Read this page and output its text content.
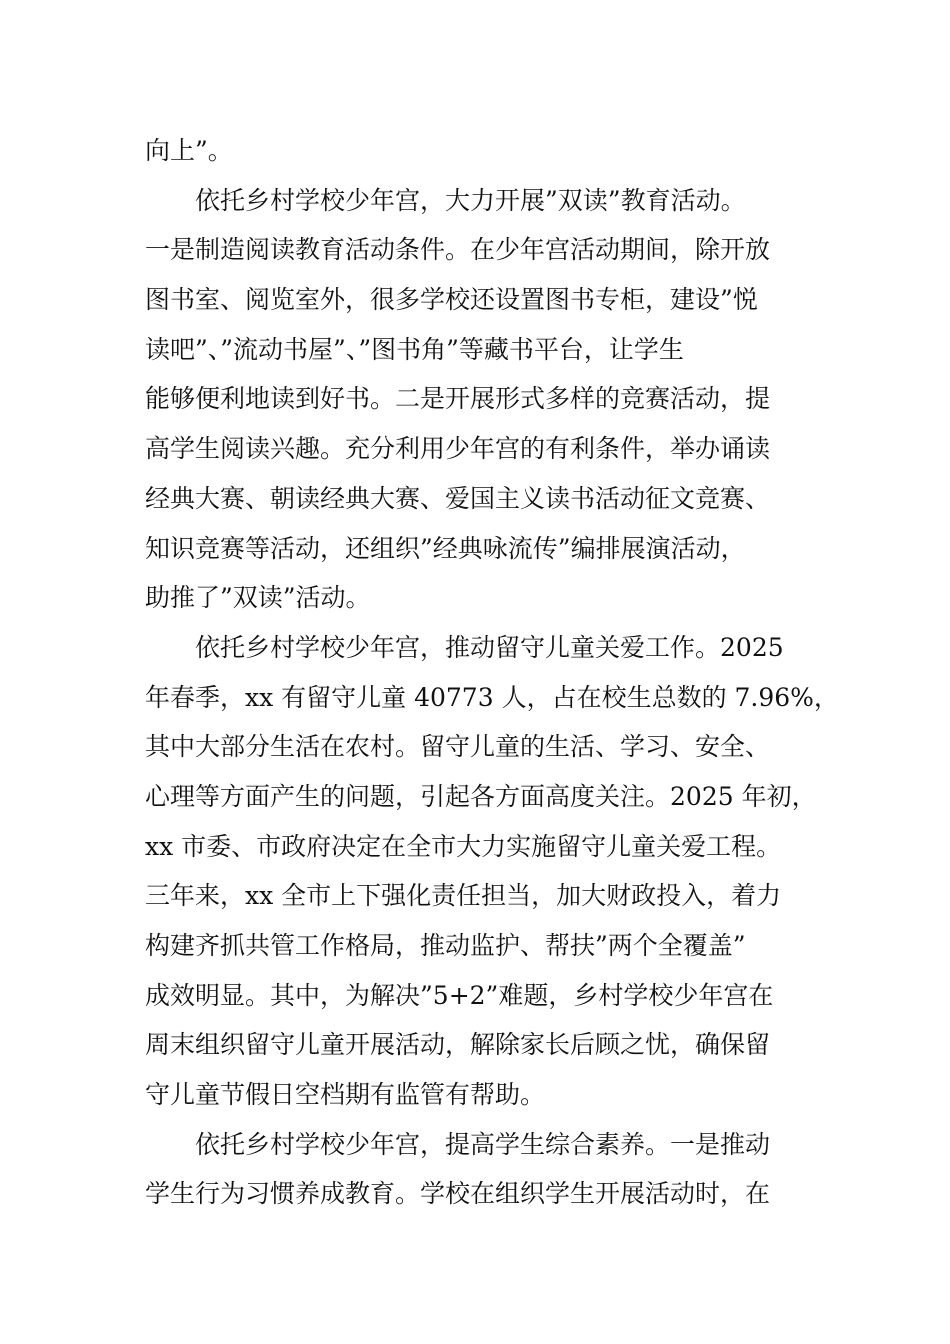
向上”。
依托乡村学校少年宫，大力开展”双读”教育活动。
一是制造阅读教育活动条件。在少年宫活动期间，除开放
图书室、阅览室外，很多学校还设置图书专柜，建设”悦
读吧”、”流动书屋”、”图书角”等藏书平台，让学生
能够便利地读到好书。二是开展形式多样的竞赛活动，提
高学生阅读兴趣。充分利用少年宫的有利条件，举办诵读
经典大赛、朝读经典大赛、爱国主义读书活动征文竞赛、
知识竞赛等活动，还组织”经典咏流传”编排展演活动，
助推了”双读”活动。
依托乡村学校少年宫，推动留守儿童关爱工作。2025
年春季，xx 有留守儿童 40773 人，占在校生总数的 7.96%，
其中大部分生活在农村。留守儿童的生活、学习、安全、
心理等方面产生的问题，引起各方面高度关注。2025 年初，
xx 市委、市政府决定在全市大力实施留守儿童关爱工程。
三年来，xx 全市上下强化责任担当，加大财政投入，着力
构建齐抓共管工作格局，推动监护、帮扶”两个全覆盖”
成效明显。其中，为解决”5+2”难题，乡村学校少年宫在
周末组织留守儿童开展活动，解除家长后顾之忧，确保留
守儿童节假日空档期有监管有帮助。
依托乡村学校少年宫，提高学生综合素养。一是推动
学生行为习惯养成教育。学校在组织学生开展活动时，在
